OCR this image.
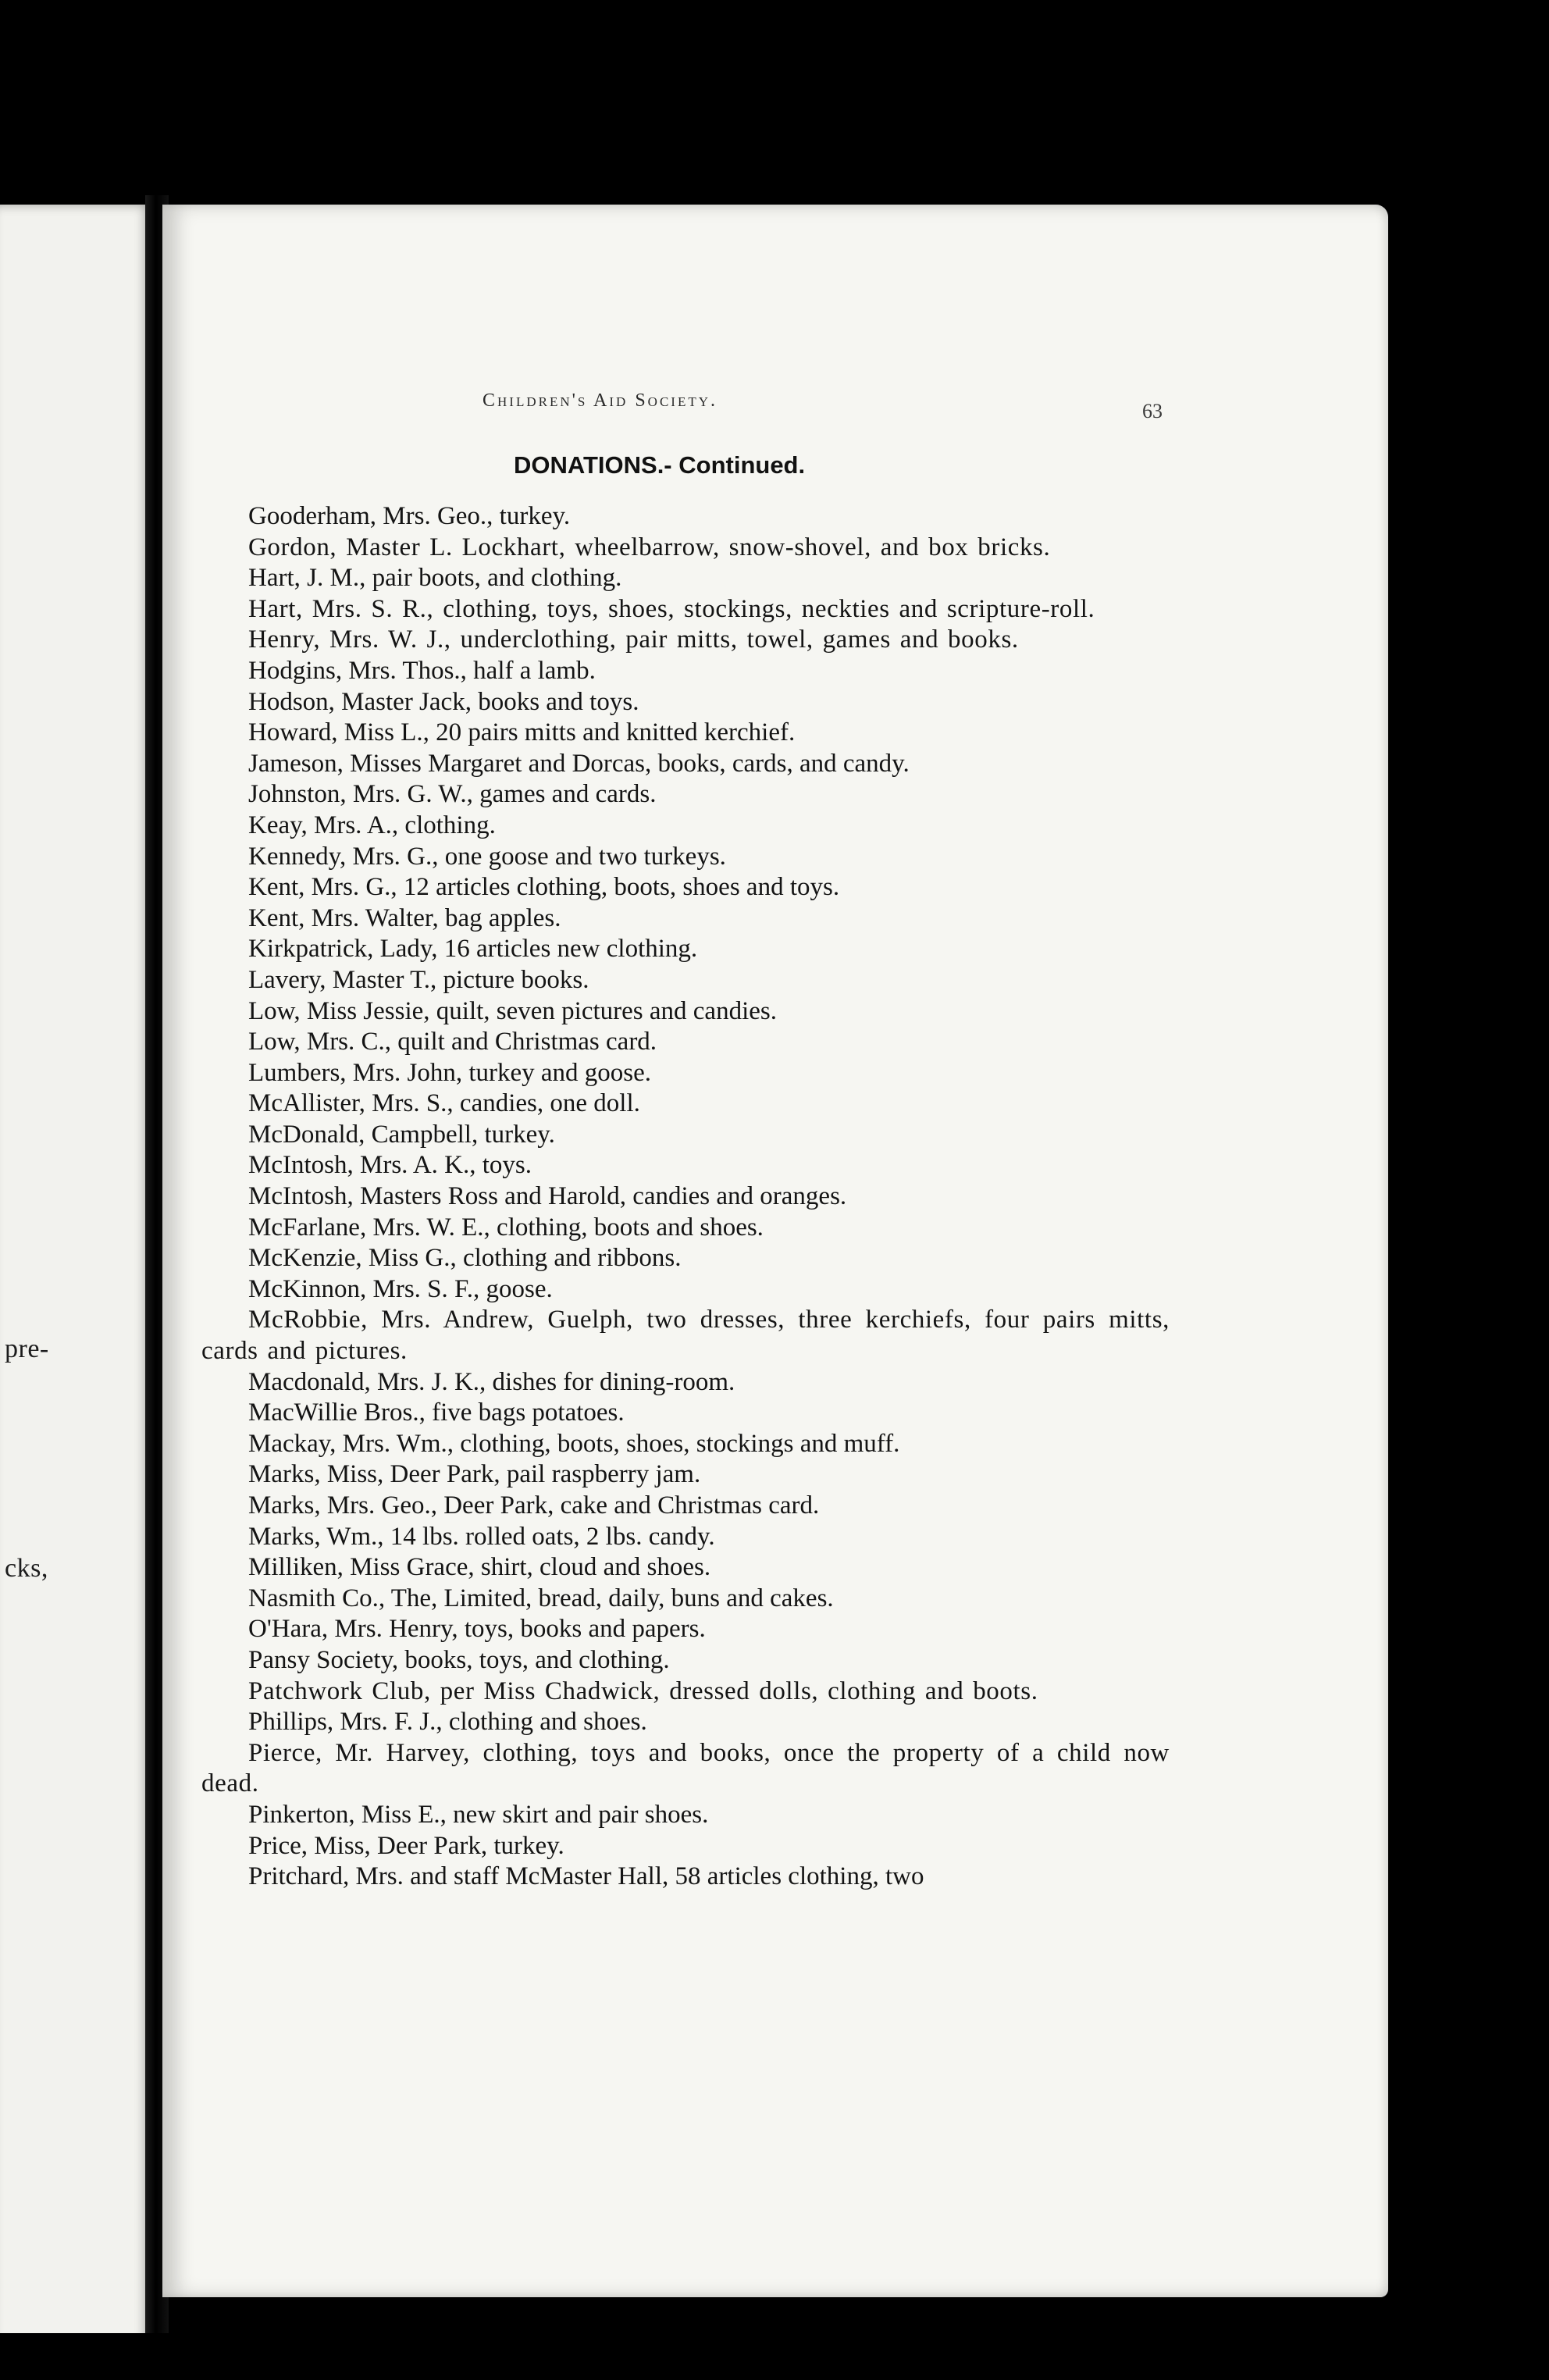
pre-
cks,
Children's Aid Society.	63
DONATIONS.- Continued.

Gooderham, Mrs. Geo., turkey.

Gordon, Master L. Lockhart, wheelbarrow, snow-shovel, and box bricks.

Hart, J. M., pair boots, and clothing.

Hart, Mrs. S. R., clothing, toys, shoes, stockings, neckties and scripture-roll.

Henry, Mrs. W. J., underclothing, pair mitts, towel, games and books.

Hodgins, Mrs. Thos., half a lamb.

Hodson, Master Jack, books and toys.

Howard, Miss L., 20 pairs mitts and knitted kerchief.

Jameson, Misses Margaret and Dorcas, books, cards, and candy.

Johnston, Mrs. G. W., games and cards.

Keay, Mrs. A., clothing.

Kennedy, Mrs. G., one goose and two turkeys.

Kent, Mrs. G., 12 articles clothing, boots, shoes and toys.

Kent, Mrs. Walter, bag apples.

Kirkpatrick, Lady, 16 articles new clothing.

Lavery, Master T., picture books.

Low, Miss Jessie, quilt, seven pictures and candies.

Low, Mrs. C., quilt and Christmas card.

Lumbers, Mrs. John, turkey and goose.

McAllister, Mrs. S., candies, one doll.

McDonald, Campbell, turkey.

McIntosh, Mrs. A. K., toys.

McIntosh, Masters Ross and Harold, candies and oranges.

McFarlane, Mrs. W. E., clothing, boots and shoes.

McKenzie, Miss G., clothing and ribbons.

McKinnon, Mrs. S. F., goose.

McRobbie, Mrs. Andrew, Guelph, two dresses, three kerchiefs, four pairs mitts, cards and pictures.

Macdonald, Mrs. J. K., dishes for dining-room.

MacWillie Bros., five bags potatoes.

Mackay, Mrs. Wm., clothing, boots, shoes, stockings and muff.

Marks, Miss, Deer Park, pail raspberry jam.

Marks, Mrs. Geo., Deer Park, cake and Christmas card.

Marks, Wm., 14 lbs. rolled oats, 2 lbs. candy.

Milliken, Miss Grace, shirt, cloud and shoes.

Nasmith Co., The, Limited, bread, daily, buns and cakes.

O'Hara, Mrs. Henry, toys, books and papers.

Pansy Society, books, toys, and clothing.

Patchwork Club, per Miss Chadwick, dressed dolls, clothing and boots.

Phillips, Mrs. F. J., clothing and shoes.

Pierce, Mr. Harvey, clothing, toys and books, once the property of a child now dead.

Pinkerton, Miss E., new skirt and pair shoes.

Price, Miss, Deer Park, turkey.

Pritchard, Mrs. and staff McMaster Hall, 58 articles clothing, two
